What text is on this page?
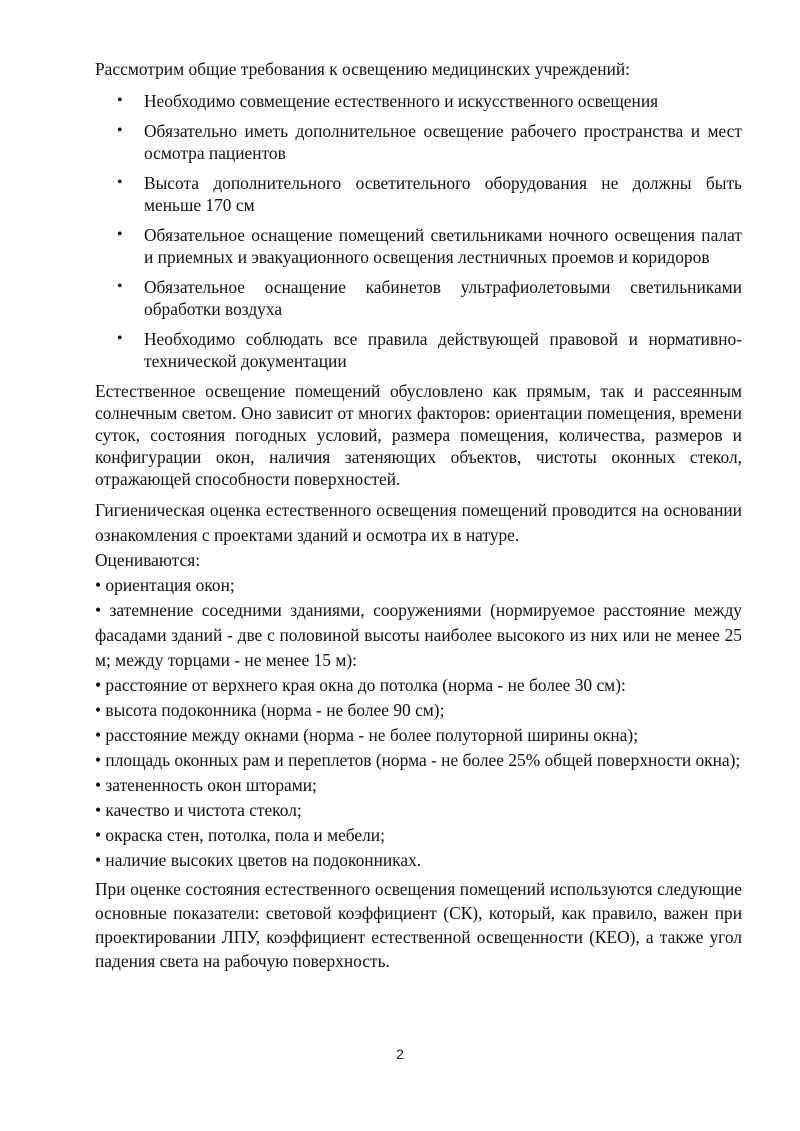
Рассмотрим общие требования к освещению медицинских учреждений:

• Необходимо совмещение естественного и искусственного освещения
• Обязательно иметь дополнительное освещение рабочего пространства и мест осмотра пациентов
• Высота дополнительного осветительного оборудования не должны быть меньше 170 см
• Обязательное оснащение помещений светильниками ночного освещения палат и приемных и эвакуационного освещения лестничных проемов и коридоров
• Обязательное оснащение кабинетов ультрафиолетовыми светильниками обработки воздуха
• Необходимо соблюдать все правила действующей правовой и нормативно-технической документации

Естественное освещение помещений обусловлено как прямым, так и рассеянным солнечным светом. Оно зависит от многих факторов: ориентации помещения, времени суток, состояния погодных условий, размера помещения, количества, размеров и конфигурации окон, наличия затеняющих объектов, чистоты оконных стекол, отражающей способности поверхностей.

Гигиеническая оценка естественного освещения помещений проводится на основании ознакомления с проектами зданий и осмотра их в натуре.

Оцениваются:

• ориентация окон;

• затемнение соседними зданиями, сооружениями (нормируемое расстояние между фасадами зданий - две с половиной высоты наиболее высокого из них или не менее 25 м; между торцами - не менее 15 м):

• расстояние от верхнего края окна до потолка (норма - не более 30 см):

• высота подоконника (норма - не более 90 см);

• расстояние между окнами (норма - не более полуторной ширины окна);

• площадь оконных рам и переплетов (норма - не более 25% общей поверхности окна);

• затененность окон шторами;

• качество и чистота стекол;

• окраска стен, потолка, пола и мебели;

• наличие высоких цветов на подоконниках.

При оценке состояния естественного освещения помещений используются следующие основные показатели: световой коэффициент (СК), который, как правило, важен при проектировании ЛПУ, коэффициент естественной освещенности (КЕО), а также угол падения света на рабочую поверхность.

2
